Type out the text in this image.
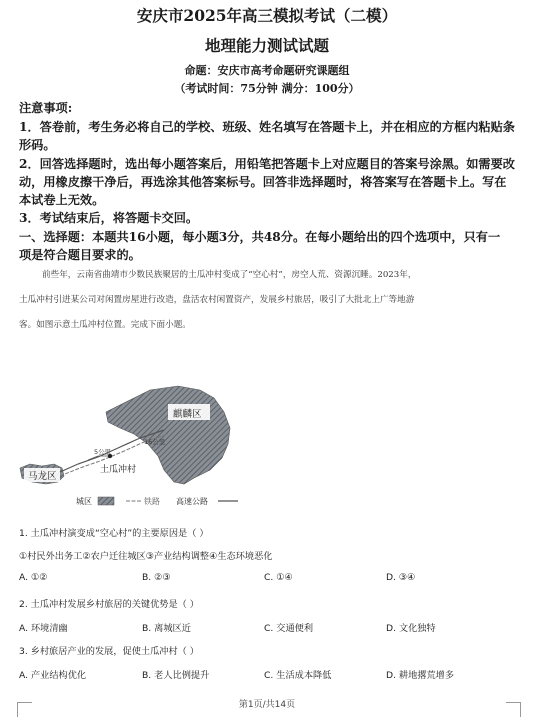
安庆市2025年高三模拟考试（二模）
地理能力测试试题
命题：安庆市高考命题研究课题组
（考试时间：75分钟 满分：100分）
注意事项:
1．答卷前，考生务必将自己的学校、班级、姓名填写在答题卡上，并在相应的方框内粘贴条
形码。
2．回答选择题时，选出每小题答案后，用铅笔把答题卡上对应题目的答案号涂黑。如需要改
动，用橡皮擦干净后，再选涂其他答案标号。回答非选择题时，将答案写在答题卡上。写在
本试卷上无效。
3．考试结束后，将答题卡交回。
一、选择题：本题共16小题，每小题3分，共48分。在每小题给出的四个选项中，只有一
项是符合题目要求的。
前些年，云南省曲靖市少数民族聚居的土瓜冲村变成了“空心村”，房空人荒、资源沉睡。2023年，
土瓜冲村引进某公司对闲置房屋进行改造，盘活农村闲置资产，发展乡村旅居，吸引了大批北上广等地游
客。如图示意土瓜冲村位置。完成下面小题。
麒麟区
马龙区
土瓜冲村
5公里
16公里
城区	铁路 高速公路
1. 土瓜冲村演变成“空心村”的主要原因是（ ）
①村民外出务工②农户迁往城区③产业结构调整④生态环境恶化
A. ①②	B. ②③	C. ①④	D. ③④
2. 土瓜冲村发展乡村旅居的关键优势是（ ）
A. 环境清幽	B. 离城区近	C. 交通便利	D. 文化独特
3. 乡村旅居产业的发展，促使土瓜冲村（ ）
A. 产业结构优化	B. 老人比例提升	C. 生活成本降低	D. 耕地撂荒增多
第1页/共14页
